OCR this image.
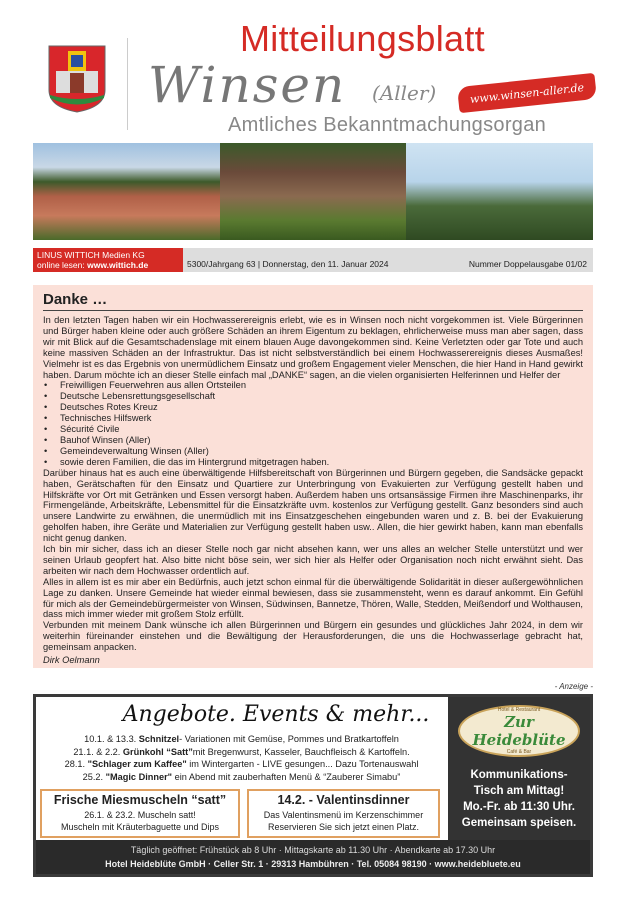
Mitteilungsblatt
Winsen (Aller)	www.winsen-aller.de
Amtliches Bekanntmachungsorgan
LINUS WITTICH Medien KG
online lesen: www.wittich.de	5300/Jahrgang 63 | Donnerstag, den 11. Januar 2024	Nummer Doppelausgabe 01/02
Danke …

In den letzten Tagen haben wir ein Hochwasserereignis erlebt, wie es in Winsen noch nicht vorgekommen ist. Viele Bürgerinnen und Bürger haben kleine oder auch größere Schäden an ihrem Eigentum zu beklagen, ehrlicherweise muss man aber sagen, dass wir mit Blick auf die Gesamtschadenslage mit einem blauen Auge davongekommen sind. Keine Verletzten oder gar Tote und auch keine massiven Schäden an der Infrastruktur. Das ist nicht selbstverständlich bei einem Hochwasserereignis dieses Ausmaßes! Vielmehr ist es das Ergebnis von unermüdlichem Einsatz und großem Engagement vieler Menschen, die hier Hand in Hand gewirkt haben. Darum möchte ich an dieser Stelle einfach mal „DANKE“ sagen, an die vielen organisierten Helferinnen und Helfer der

• Freiwilligen Feuerwehren aus allen Ortsteilen
• Deutsche Lebensrettungsgesellschaft
• Deutsches Rotes Kreuz
• Technisches Hilfswerk
• Sécurité Civile
• Bauhof Winsen (Aller)
• Gemeindeverwaltung Winsen (Aller)
• sowie deren Familien, die das im Hintergrund mitgetragen haben.

Darüber hinaus hat es auch eine überwältigende Hilfsbereitschaft von Bürgerinnen und Bürgern gegeben, die Sandsäcke gepackt haben, Gerätschaften für den Einsatz und Quartiere zur Unterbringung von Evakuierten zur Verfügung gestellt haben und Hilfskräfte vor Ort mit Getränken und Essen versorgt haben. Außerdem haben uns ortsansässige Firmen ihre Maschinenparks, ihr Firmengelände, Arbeitskräfte, Lebensmittel für die Einsatzkräfte uvm. kostenlos zur Verfügung gestellt. Ganz besonders sind auch unsere Landwirte zu erwähnen, die unermüdlich mit ins Einsatzgeschehen eingebunden waren und z. B. bei der Evakuierung geholfen haben, ihre Geräte und Materialien zur Verfügung gestellt haben usw.. Allen, die hier gewirkt haben, kann man ebenfalls nicht genug danken.

Ich bin mir sicher, dass ich an dieser Stelle noch gar nicht absehen kann, wer uns alles an welcher Stelle unterstützt und wer seinen Urlaub geopfert hat. Also bitte nicht böse sein, wer sich hier als Helfer oder Organisation noch nicht erwähnt sieht. Das arbeiten wir nach dem Hochwasser ordentlich auf.

Alles in allem ist es mir aber ein Bedürfnis, auch jetzt schon einmal für die überwältigende Solidarität in dieser außergewöhnlichen Lage zu danken. Unsere Gemeinde hat wieder einmal bewiesen, dass sie zusammensteht, wenn es darauf ankommt. Ein Gefühl für mich als der Gemeindebürgermeister von Winsen, Südwinsen, Bannetze, Thören, Walle, Stedden, Meißendorf und Wolthausen, dass mich immer wieder mit großem Stolz erfüllt.

Verbunden mit meinem Dank wünsche ich allen Bürgerinnen und Bürgern ein gesundes und glückliches Jahr 2024, in dem wir weiterhin füreinander einstehen und die Bewältigung der Herausforderungen, die uns die Hochwasserlage gebracht hat, gemeinsam anpacken.

Dirk Oelmann

- Anzeige -
Angebote. Events & mehr...
10.1. & 13.3. Schnitzel- Variationen mit Gemüse, Pommes und Bratkartoffeln
21.1. & 2.2. Grünkohl “Satt”mit Bregenwurst, Kasseler, Bauchfleisch & Kartoffeln.
28.1. "Schlager zum Kaffee" im Wintergarten - LIVE gesungen... Dazu Tortenauswahl
25.2. "Magic Dinner" ein Abend mit zauberhaften Menü & “Zauberer Simabu”
Frische Miesmuscheln “satt”
26.1. & 23.2. Muscheln satt!
Muscheln mit Kräuterbaguette und Dips
14.2. - Valentinsdinner
Das Valentinsmenü im Kerzenschimmer
Reservieren Sie sich jetzt einen Platz.
Hotel & Restaurant
Zur Heideblüte
Café & Bar
Kommunikations-
Tisch am Mittag!
Mo.-Fr. ab 11:30 Uhr.
Gemeinsam speisen.
Täglich geöffnet: Frühstück ab 8 Uhr · Mittagskarte ab 11.30 Uhr · Abendkarte ab 17.30 Uhr
Hotel Heideblüte GmbH · Celler Str. 1 · 29313 Hambühren · Tel. 05084 98190 · www.heidebluete.eu
